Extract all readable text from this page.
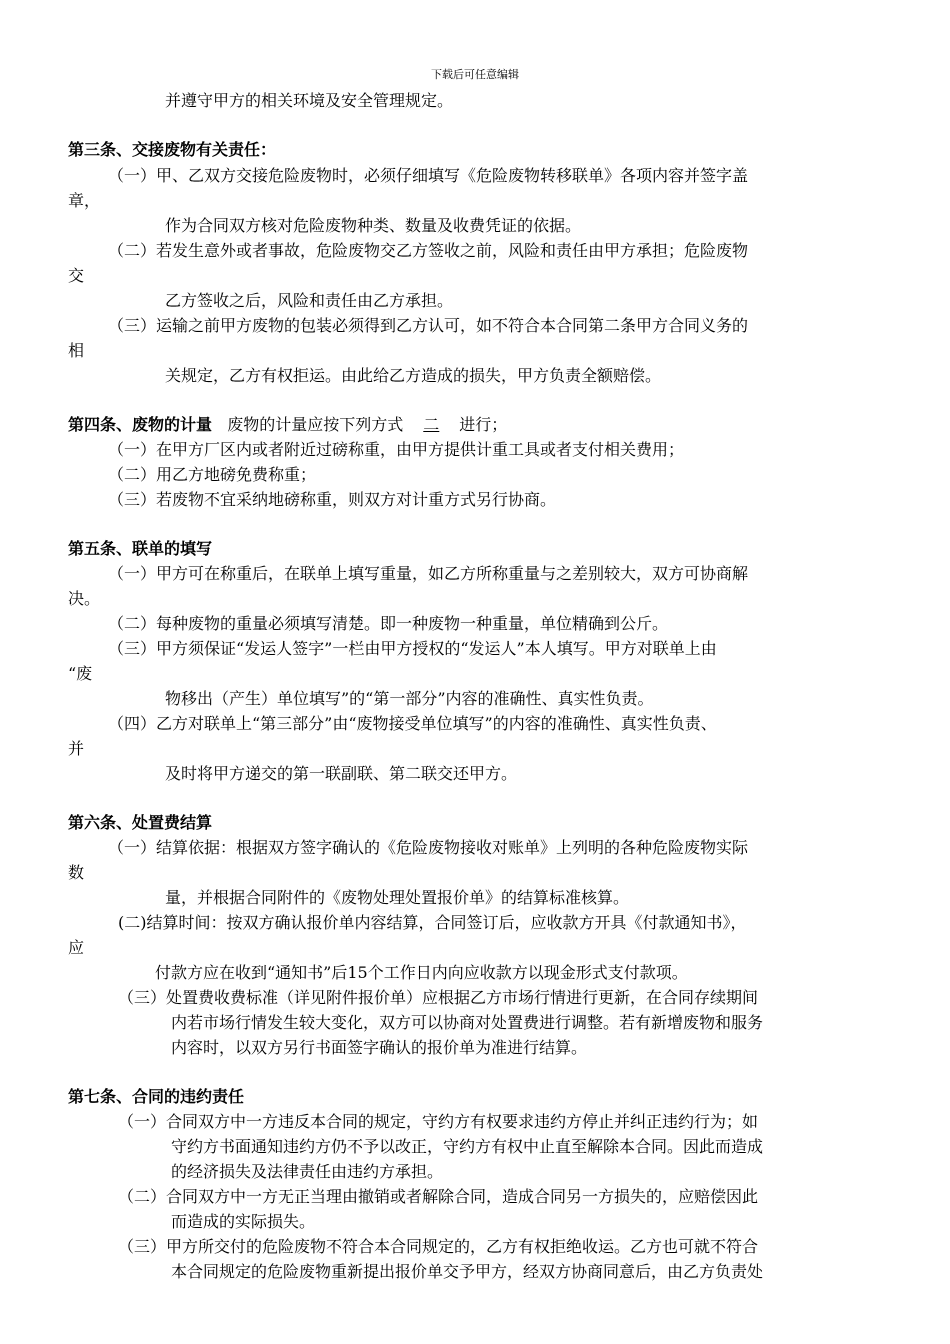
下载后可任意编辑
并遵守甲方的相关环境及安全管理规定。
第三条、交接废物有关责任：
（一）甲、乙双方交接危险废物时，必须仔细填写《危险废物转移联单》各项内容并签字盖
章，
作为合同双方核对危险废物种类、数量及收费凭证的依据。
（二）若发生意外或者事故，危险废物交乙方签收之前，风险和责任由甲方承担；危险废物
交
乙方签收之后，风险和责任由乙方承担。
（三）运输之前甲方废物的包装必须得到乙方认可，如不符合本合同第二条甲方合同义务的
相
关规定，乙方有权拒运。由此给乙方造成的损失，甲方负责全额赔偿。
第四条、废物的计量 废物的计量应按下列方式 二 进行；
（一）在甲方厂区内或者附近过磅称重，由甲方提供计重工具或者支付相关费用；
（二）用乙方地磅免费称重；
（三）若废物不宜采纳地磅称重，则双方对计重方式另行协商。
第五条、联单的填写
（一）甲方可在称重后，在联单上填写重量，如乙方所称重量与之差别较大，双方可协商解
决。
（二）每种废物的重量必须填写清楚。即一种废物一种重量，单位精确到公斤。
（三）甲方须保证“发运人签字”一栏由甲方授权的“发运人”本人填写。甲方对联单上由
“废
物移出（产生）单位填写”的“第一部分”内容的准确性、真实性负责。
（四）乙方对联单上“第三部分”由“废物接受单位填写”的内容的准确性、真实性负责、
并
及时将甲方递交的第一联副联、第二联交还甲方。
第六条、处置费结算
（一）结算依据：根据双方签字确认的《危险废物接收对账单》上列明的各种危险废物实际
数
量，并根据合同附件的《废物处理处置报价单》的结算标准核算。
(二)结算时间：按双方确认报价单内容结算，合同签订后，应收款方开具《付款通知书》，
应
付款方应在收到“通知书”后15个工作日内向应收款方以现金形式支付款项。
（三）处置费收费标准（详见附件报价单）应根据乙方市场行情进行更新，在合同存续期间
内若市场行情发生较大变化，双方可以协商对处置费进行调整。若有新增废物和服务
内容时，以双方另行书面签字确认的报价单为准进行结算。
第七条、合同的违约责任
（一）合同双方中一方违反本合同的规定，守约方有权要求违约方停止并纠正违约行为；如
守约方书面通知违约方仍不予以改正，守约方有权中止直至解除本合同。因此而造成
的经济损失及法律责任由违约方承担。
（二）合同双方中一方无正当理由撤销或者解除合同，造成合同另一方损失的，应赔偿因此
而造成的实际损失。
（三）甲方所交付的危险废物不符合本合同规定的，乙方有权拒绝收运。乙方也可就不符合
本合同规定的危险废物重新提出报价单交予甲方，经双方协商同意后，由乙方负责处
